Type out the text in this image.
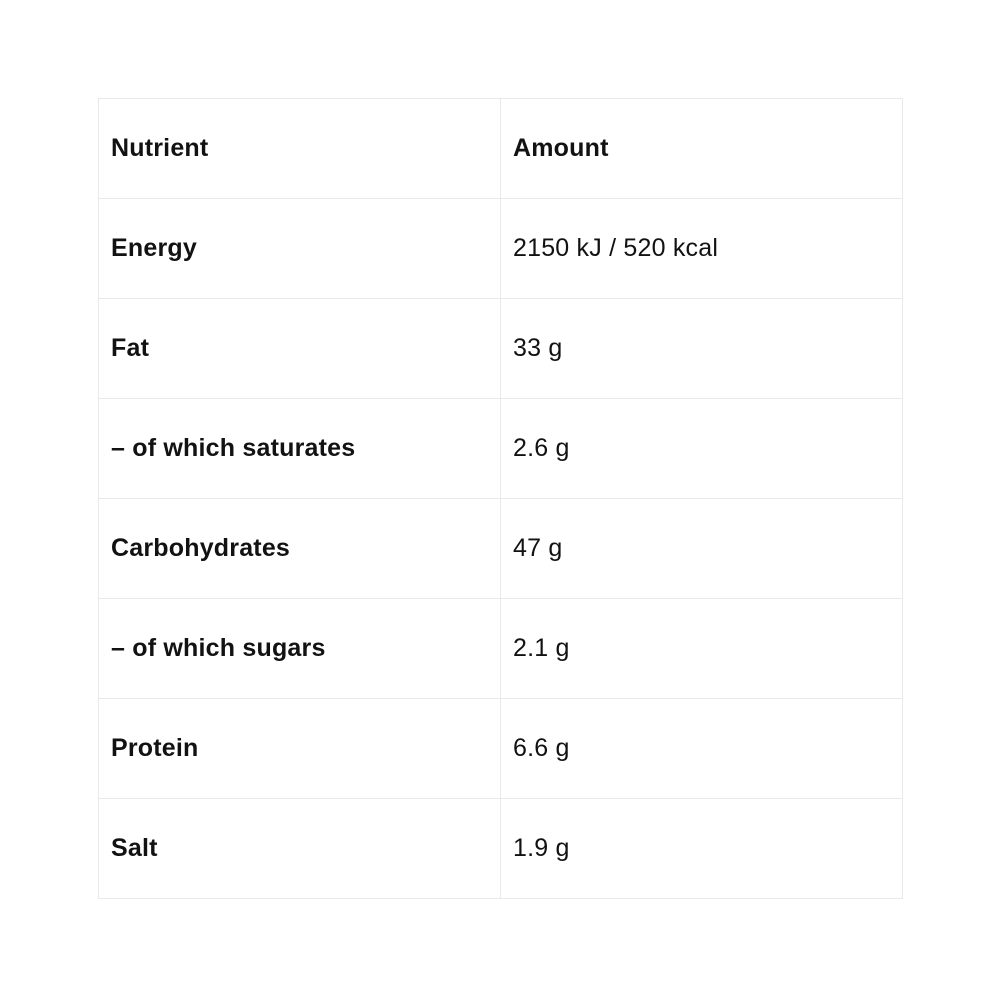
Nutrient	Amount
Energy	2150 kJ / 520 kcal
Fat	33 g
– of which saturates	2.6 g
Carbohydrates	47 g
– of which sugars	2.1 g
Protein	6.6 g
Salt	1.9 g
